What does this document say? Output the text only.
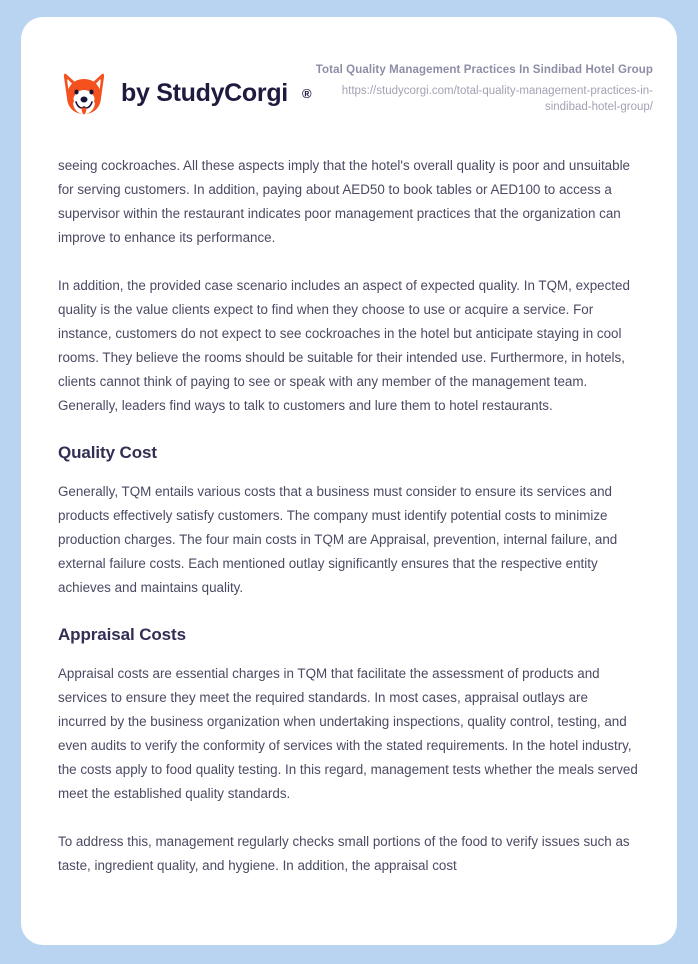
by StudyCorgi ®
Total Quality Management Practices In Sindibad Hotel Group
https://studycorgi.com/total-quality-management-practices-in-sindibad-hotel-group/

seeing cockroaches. All these aspects imply that the hotel's overall quality is poor and unsuitable for serving customers. In addition, paying about AED50 to book tables or AED100 to access a supervisor within the restaurant indicates poor management practices that the organization can improve to enhance its performance.

In addition, the provided case scenario includes an aspect of expected quality. In TQM, expected quality is the value clients expect to find when they choose to use or acquire a service. For instance, customers do not expect to see cockroaches in the hotel but anticipate staying in cool rooms. They believe the rooms should be suitable for their intended use. Furthermore, in hotels, clients cannot think of paying to see or speak with any member of the management team. Generally, leaders find ways to talk to customers and lure them to hotel restaurants.

Quality Cost

Generally, TQM entails various costs that a business must consider to ensure its services and products effectively satisfy customers. The company must identify potential costs to minimize production charges. The four main costs in TQM are Appraisal, prevention, internal failure, and external failure costs. Each mentioned outlay significantly ensures that the respective entity achieves and maintains quality.

Appraisal Costs

Appraisal costs are essential charges in TQM that facilitate the assessment of products and services to ensure they meet the required standards. In most cases, appraisal outlays are incurred by the business organization when undertaking inspections, quality control, testing, and even audits to verify the conformity of services with the stated requirements. In the hotel industry, the costs apply to food quality testing. In this regard, management tests whether the meals served meet the established quality standards.

To address this, management regularly checks small portions of the food to verify issues such as taste, ingredient quality, and hygiene. In addition, the appraisal cost
